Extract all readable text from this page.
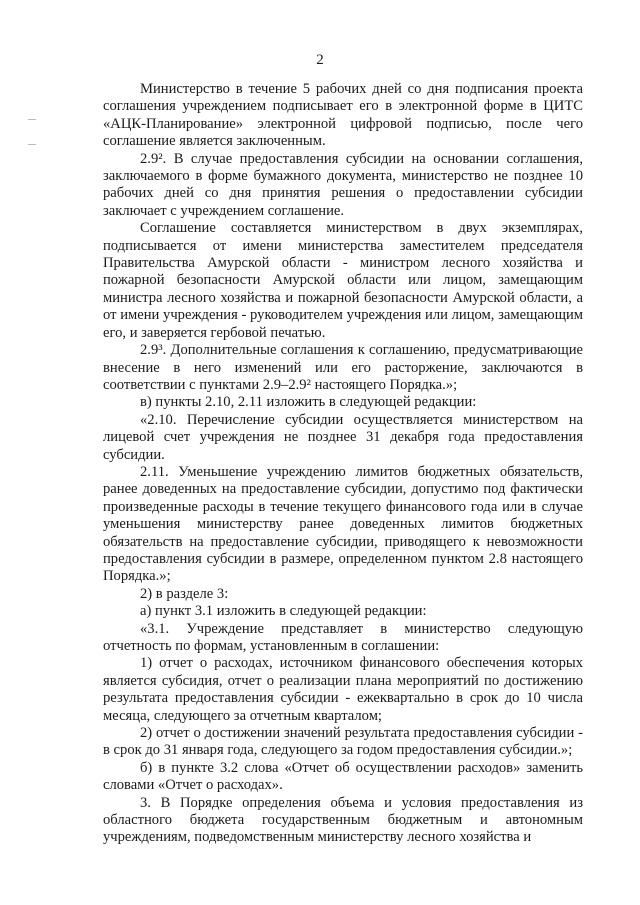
2

Министерство в течение 5 рабочих дней со дня подписания проекта соглашения учреждением подписывает его в электронной форме в ЦИТС «АЦК-Планирование» электронной цифровой подписью, после чего соглашение является заключенным.

2.9². В случае предоставления субсидии на основании соглашения, заключаемого в форме бумажного документа, министерство не позднее 10 рабочих дней со дня принятия решения о предоставлении субсидии заключает с учреждением соглашение.

Соглашение составляется министерством в двух экземплярах, подписывается от имени министерства заместителем председателя Правительства Амурской области - министром лесного хозяйства и пожарной безопасности Амурской области или лицом, замещающим министра лесного хозяйства и пожарной безопасности Амурской области, а от имени учреждения - руководителем учреждения или лицом, замещающим его, и заверяется гербовой печатью.

2.9³. Дополнительные соглашения к соглашению, предусматривающие внесение в него изменений или его расторжение, заключаются в соответствии с пунктами 2.9–2.9² настоящего Порядка.»;

в) пункты 2.10, 2.11 изложить в следующей редакции:

«2.10. Перечисление субсидии осуществляется министерством на лицевой счет учреждения не позднее 31 декабря года предоставления субсидии.

2.11. Уменьшение учреждению лимитов бюджетных обязательств, ранее доведенных на предоставление субсидии, допустимо под фактически произведенные расходы в течение текущего финансового года или в случае уменьшения министерству ранее доведенных лимитов бюджетных обязательств на предоставление субсидии, приводящего к невозможности предоставления субсидии в размере, определенном пунктом 2.8 настоящего Порядка.»;

2) в разделе 3:

а) пункт 3.1 изложить в следующей редакции:

«3.1. Учреждение представляет в министерство следующую отчетность по формам, установленным в соглашении:

1) отчет о расходах, источником финансового обеспечения которых является субсидия, отчет о реализации плана мероприятий по достижению результата предоставления субсидии - ежеквартально в срок до 10 числа месяца, следующего за отчетным кварталом;

2) отчет о достижении значений результата предоставления субсидии - в срок до 31 января года, следующего за годом предоставления субсидии.»;

б) в пункте 3.2 слова «Отчет об осуществлении расходов» заменить словами «Отчет о расходах».

3. В Порядке определения объема и условия предоставления из областного бюджета государственным бюджетным и автономным учреждениям, подведомственным министерству лесного хозяйства и
